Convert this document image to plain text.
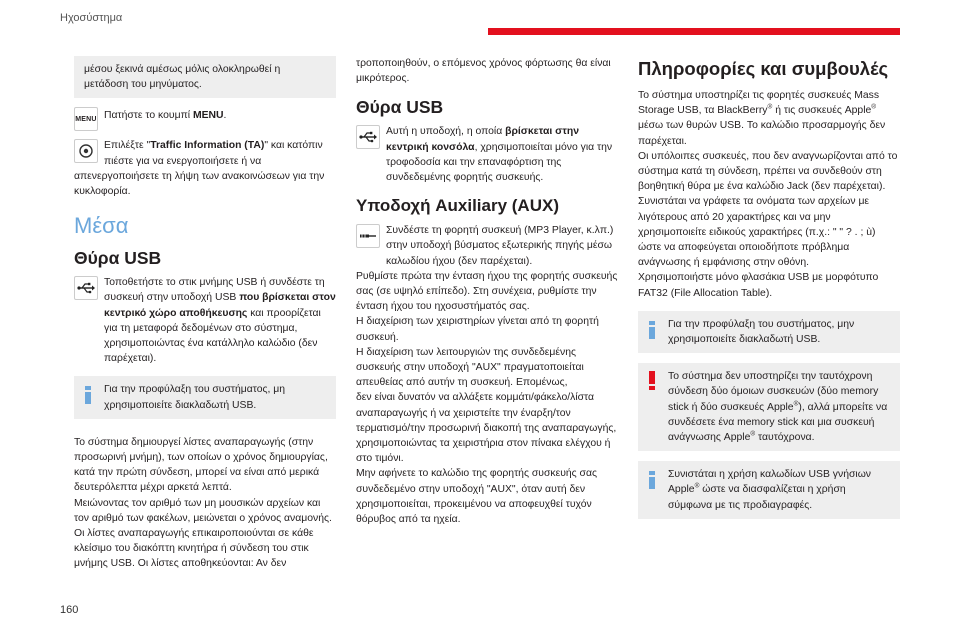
Ηχοσύστημα

μέσου ξεκινά αμέσως μόλις ολοκληρωθεί η μετάδοση του μηνύματος.

MENU Πατήστε το κουμπί MENU.

Επιλέξτε "Traffic Information (TA)" και κατόπιν πιέστε για να ενεργοποιήσετε ή να

απενεργοποιήσετε τη λήψη των ανακοινώσεων για την κυκλοφορία.

Μέσα
Θύρα USB

Τοποθετήστε το στικ μνήμης USB ή συνδέστε τη συσκευή στην υποδοχή USB που βρίσκεται στον κεντρικό χώρο αποθήκευσης και προορίζεται για τη μεταφορά δεδομένων στο σύστημα, χρησιμοποιώντας ένα κατάλληλο καλώδιο (δεν παρέχεται).

Για την προφύλαξη του συστήματος, μη χρησιμοποιείτε διακλαδωτή USB.

Το σύστημα δημιουργεί λίστες αναπαραγωγής (στην προσωρινή μνήμη), των οποίων ο χρόνος δημιουργίας, κατά την πρώτη σύνδεση, μπορεί να είναι από μερικά δευτερόλεπτα μέχρι αρκετά λεπτά.

Μειώνοντας τον αριθμό των μη μουσικών αρχείων και τον αριθμό των φακέλων, μειώνεται ο χρόνος αναμονής.

Οι λίστες αναπαραγωγής επικαιροποιούνται σε κάθε κλείσιμο του διακόπτη κινητήρα ή σύνδεση του στικ μνήμης USB. Οι λίστες αποθηκεύονται: Αν δεν

τροποποιηθούν, ο επόμενος χρόνος φόρτωσης θα είναι μικρότερος.

Θύρα USB

Αυτή η υποδοχή, η οποία βρίσκεται στην κεντρική κονσόλα, χρησιμοποιείται μόνο για την τροφοδοσία και την επαναφόρτιση της συνδεδεμένης φορητής συσκευής.

Υποδοχή Auxiliary (AUX)

Συνδέστε τη φορητή συσκευή (MP3 Player, κ.λπ.) στην υποδοχή βύσματος εξωτερικής πηγής μέσω καλωδίου ήχου (δεν παρέχεται).

Ρυθμίστε πρώτα την ένταση ήχου της φορητής συσκευής σας (σε υψηλό επίπεδο). Στη συνέχεια, ρυθμίστε την ένταση ήχου του ηχοσυστήματός σας.

Η διαχείριση των χειριστηρίων γίνεται από τη φορητή συσκευή.

Η διαχείριση των λειτουργιών της συνδεδεμένης συσκευής στην υποδοχή "AUX" πραγματοποιείται απευθείας από αυτήν τη συσκευή. Επομένως,

δεν είναι δυνατόν να αλλάξετε κομμάτι/φάκελο/λίστα αναπαραγωγής ή να χειριστείτε την έναρξη/τον τερματισμό/την προσωρινή διακοπή της αναπαραγωγής, χρησιμοποιώντας τα χειριστήρια στον πίνακα ελέγχου ή στο τιμόνι.

Μην αφήνετε το καλώδιο της φορητής συσκευής σας συνδεδεμένο στην υποδοχή "AUX", όταν αυτή δεν χρησιμοποιείται, προκειμένου να αποφευχθεί τυχόν θόρυβος από τα ηχεία.

Πληροφορίες και συμβουλές

Το σύστημα υποστηρίζει τις φορητές συσκευές Mass Storage USB, τα BlackBerry® ή τις συσκευές Apple® μέσω των θυρών USB. Το καλώδιο προσαρμογής δεν παρέχεται.

Οι υπόλοιπες συσκευές, που δεν αναγνωρίζονται από το σύστημα κατά τη σύνδεση, πρέπει να συνδεθούν στη βοηθητική θύρα με ένα καλώδιο Jack (δεν παρέχεται).

Συνιστάται να γράφετε τα ονόματα των αρχείων με λιγότερους από 20 χαρακτήρες και να μην χρησιμοποιείτε ειδικούς χαρακτήρες (π.χ.: " " ? . ; ù) ώστε να αποφεύγεται οποιοδήποτε πρόβλημα ανάγνωσης ή εμφάνισης στην οθόνη.

Χρησιμοποιήστε μόνο φλασάκια USB με μορφότυπο FAT32 (File Allocation Table).

Για την προφύλαξη του συστήματος, μην χρησιμοποιείτε διακλαδωτή USB.

Το σύστημα δεν υποστηρίζει την ταυτόχρονη σύνδεση δύο όμοιων συσκευών (δύο memory stick ή δύο συσκευές Apple®), αλλά μπορείτε να συνδέσετε ένα memory stick και μια συσκευή ανάγνωσης Apple® ταυτόχρονα.

Συνιστάται η χρήση καλωδίων USB γνήσιων Apple® ώστε να διασφαλίζεται η χρήση σύμφωνα με τις προδιαγραφές.

160
